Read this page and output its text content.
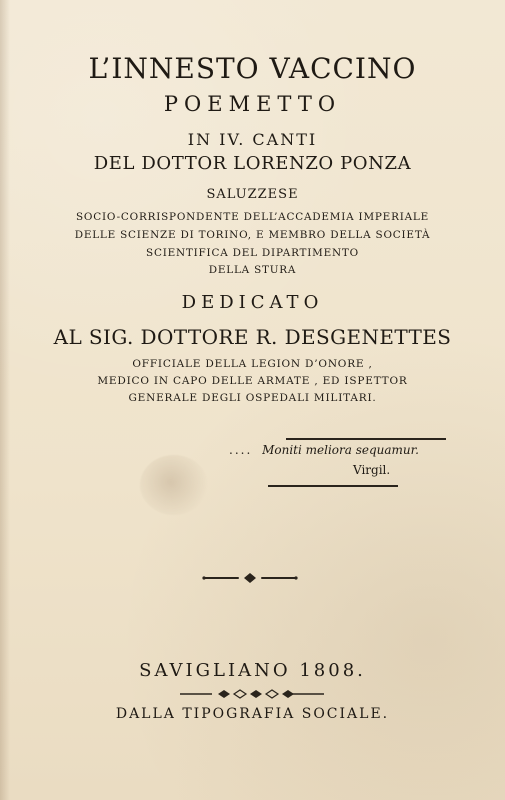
L’INNESTO VACCINO
POEMETTO
IN IV. CANTI
DEL DOTTOR LORENZO PONZA
SALUZZESE
SOCIO-CORRISPONDENTE DELL’ACCADEMIA IMPERIALE
DELLE SCIENZE DI TORINO, E MEMBRO DELLA SOCIETÀ
SCIENTIFICA DEL DIPARTIMENTO
DELLA STURA
DEDICATO
AL SIG. DOTTORE R. DESGENETTES
OFFICIALE DELLA LEGION D’ONORE ,
MEDICO IN CAPO DELLE ARMATE , ED ISPETTOR
GENERALE DEGLI OSPEDALI MILITARI.
.... Moniti meliora sequamur.
Virgil.
SAVIGLIANO 1808.
DALLA TIPOGRAFIA SOCIALE.
